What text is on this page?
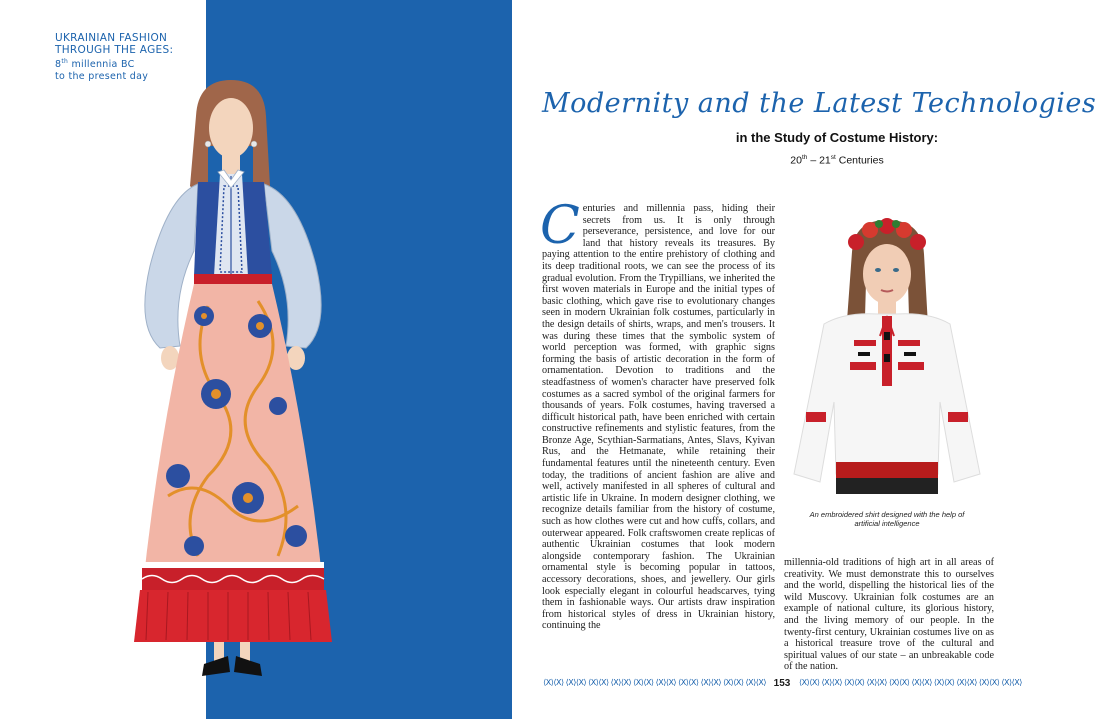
UKRAINIAN FASHION
THROUGH THE AGES:
8th millennia BC
to the present day
Modernity and the Latest Technologies
in the Study of Costume History:
20th – 21st Centuries
Centuries and millennia pass, hiding their secrets from us. It is only through perseverance, persistence, and love for our land that history reveals its treasures. By paying attention to the entire prehistory of clothing and its deep traditional roots, we can see the process of its gradual evolution. From the Trypillians, we inherited the first woven materials in Europe and the initial types of basic clothing, which gave rise to evolutionary changes seen in modern Ukrainian folk costumes, particularly in the design details of shirts, wraps, and men's trousers. It was during these times that the symbolic system of world perception was formed, with graphic signs forming the basis of artistic decoration in the form of ornamentation. Devotion to traditions and the steadfastness of women's character have preserved folk costumes as a sacred symbol of the original farmers for thousands of years. Folk costumes, having traversed a difficult historical path, have been enriched with certain constructive refinements and stylistic features, from the Bronze Age, Scythian-Sarmatians, Antes, Slavs, Kyivan Rus, and the Hetmanate, while retaining their fundamental features until the nineteenth century. Even today, the traditions of ancient fashion are alive and well, actively manifested in all spheres of cultural and artistic life in Ukraine. In modern designer clothing, we recognize details familiar from the history of costume, such as how clothes were cut and how cuffs, collars, and outerwear appeared. Folk craftswomen create replicas of authentic Ukrainian costumes that look modern alongside contemporary fashion. The Ukrainian ornamental style is becoming popular in tattoos, accessory decorations, shoes, and jewellery. Our girls look especially elegant in colourful headscarves, tying them in fashionable ways. Our artists draw inspiration from historical styles of dress in Ukrainian history, continuing the
An embroidered shirt designed with the help of
artificial intelligence
millennia-old traditions of high art in all areas of creativity. We must demonstrate this to ourselves and the world, dispelling the historical lies of the wild Muscovy. Ukrainian folk costumes are an example of national culture, its glorious history, and the living memory of our people. In the twenty-first century, Ukrainian costumes live on as a historical treasure trove of the cultural and spiritual values of our state – an unbreakable code of the nation.
⟨X⟩⟨X⟩ ⟨X⟩⟨X⟩ ⟨X⟩⟨X⟩ ⟨X⟩⟨X⟩ ⟨X⟩⟨X⟩ ⟨X⟩⟨X⟩ ⟨X⟩⟨X⟩ ⟨X⟩⟨X⟩ ⟨X⟩⟨X⟩ ⟨X⟩⟨X⟩ 153	⟨X⟩⟨X⟩ ⟨X⟩⟨X⟩ ⟨X⟩⟨X⟩ ⟨X⟩⟨X⟩ ⟨X⟩⟨X⟩ ⟨X⟩⟨X⟩ ⟨X⟩⟨X⟩ ⟨X⟩⟨X⟩ ⟨X⟩⟨X⟩ ⟨X⟩⟨X⟩
